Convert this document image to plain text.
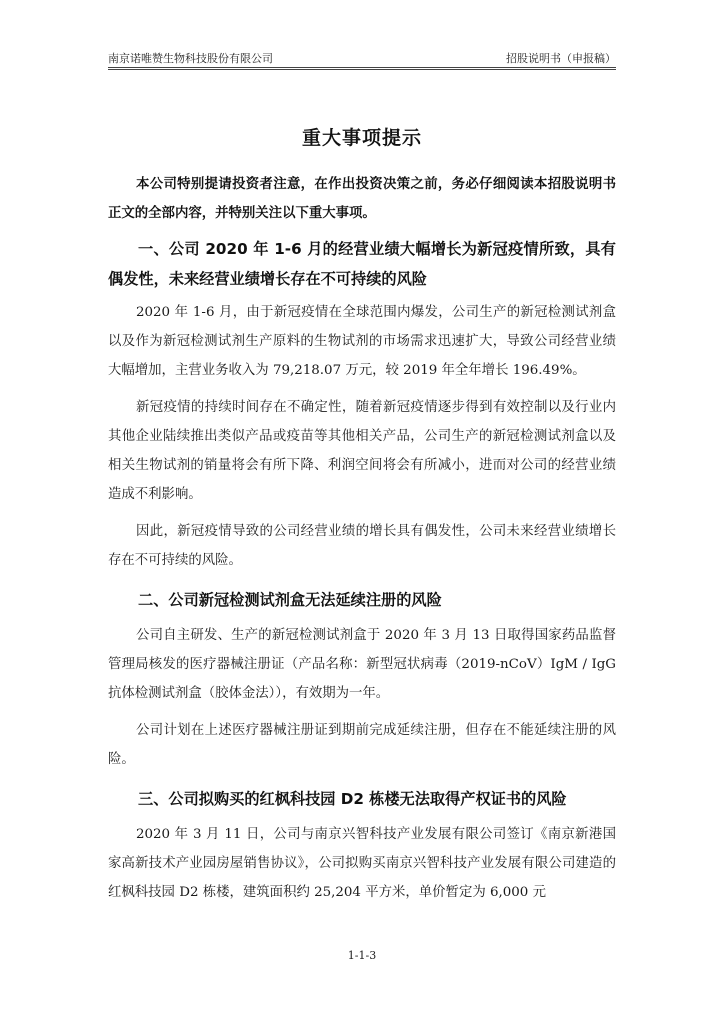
南京诺唯赞生物科技股份有限公司	招股说明书（申报稿）
重大事项提示

本公司特别提请投资者注意，在作出投资决策之前，务必仔细阅读本招股说明书正文的全部内容，并特别关注以下重大事项。

一、公司 2020 年 1-6 月的经营业绩大幅增长为新冠疫情所致，具有偶发性，未来经营业绩增长存在不可持续的风险

2020 年 1-6 月，由于新冠疫情在全球范围内爆发，公司生产的新冠检测试剂盒以及作为新冠检测试剂生产原料的生物试剂的市场需求迅速扩大，导致公司经营业绩大幅增加，主营业务收入为 79,218.07 万元，较 2019 年全年增长 196.49%。

新冠疫情的持续时间存在不确定性，随着新冠疫情逐步得到有效控制以及行业内其他企业陆续推出类似产品或疫苗等其他相关产品，公司生产的新冠检测试剂盒以及相关生物试剂的销量将会有所下降、利润空间将会有所减小，进而对公司的经营业绩造成不利影响。

因此，新冠疫情导致的公司经营业绩的增长具有偶发性，公司未来经营业绩增长存在不可持续的风险。

二、公司新冠检测试剂盒无法延续注册的风险

公司自主研发、生产的新冠检测试剂盒于 2020 年 3 月 13 日取得国家药品监督管理局核发的医疗器械注册证（产品名称：新型冠状病毒（2019-nCoV）IgM / IgG 抗体检测试剂盒（胶体金法）），有效期为一年。

公司计划在上述医疗器械注册证到期前完成延续注册，但存在不能延续注册的风险。

三、公司拟购买的红枫科技园 D2 栋楼无法取得产权证书的风险

2020 年 3 月 11 日，公司与南京兴智科技产业发展有限公司签订《南京新港国家高新技术产业园房屋销售协议》，公司拟购买南京兴智科技产业发展有限公司建造的红枫科技园 D2 栋楼，建筑面积约 25,204 平方米，单价暂定为 6,000 元

1-1-3
